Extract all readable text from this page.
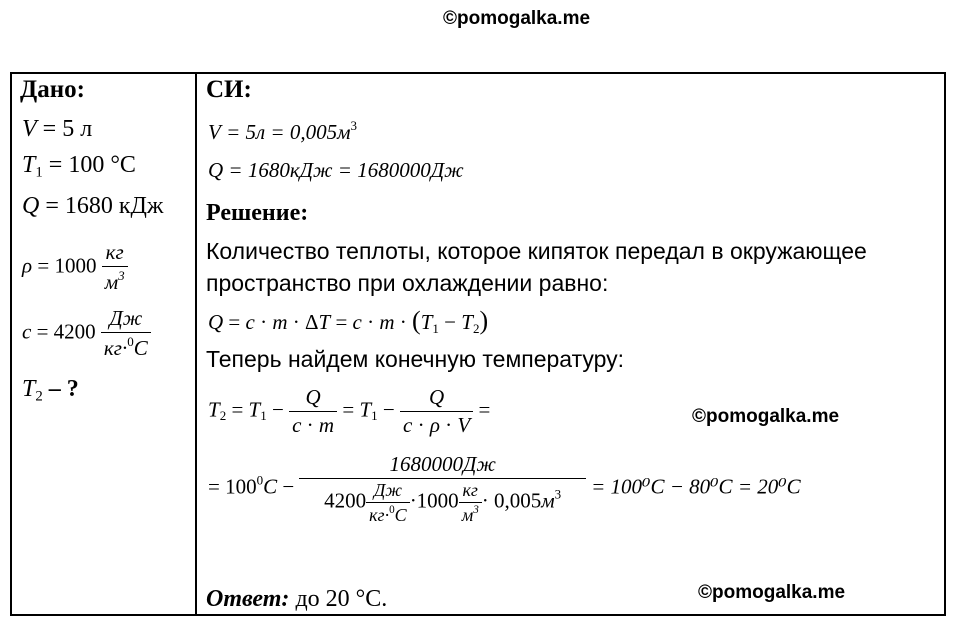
©pomogalka.me
Дано:
V = 5 л
$T_1 = 100$ °C
Q = 1680 кДж
$\rho = 1000 \frac{кг}{м^3}$
$c = 4200 \frac{Дж}{кг\cdot^0C}$
$T_2$ – ?
СИ:
$V = 5л = 0,005м^3$
Q = 1680кДж = 1680000Дж
Решение:
Количество теплоты, которое кипяток передал в окружающее
пространство при охлаждении равно:
$Q = c \cdot m \cdot \Delta T = c \cdot m \cdot (T_1 - T_2)$
Теперь найдем конечную температуру:
$T_2 = T_1 - \frac{Q}{c \cdot m} = T_1 - \frac{Q}{c \cdot \rho \cdot V}$ =	©pomogalka.me
= $100^0C - \frac{1680000Дж}{4200 \frac{Дж}{кг\cdot^0C} \cdot 1000 \frac{кг}{м^3} \cdot 0,005м^3} = 100^0C - 80^0C = 20^0C$
©pomogalka.me
Ответ: до 20 °С.
